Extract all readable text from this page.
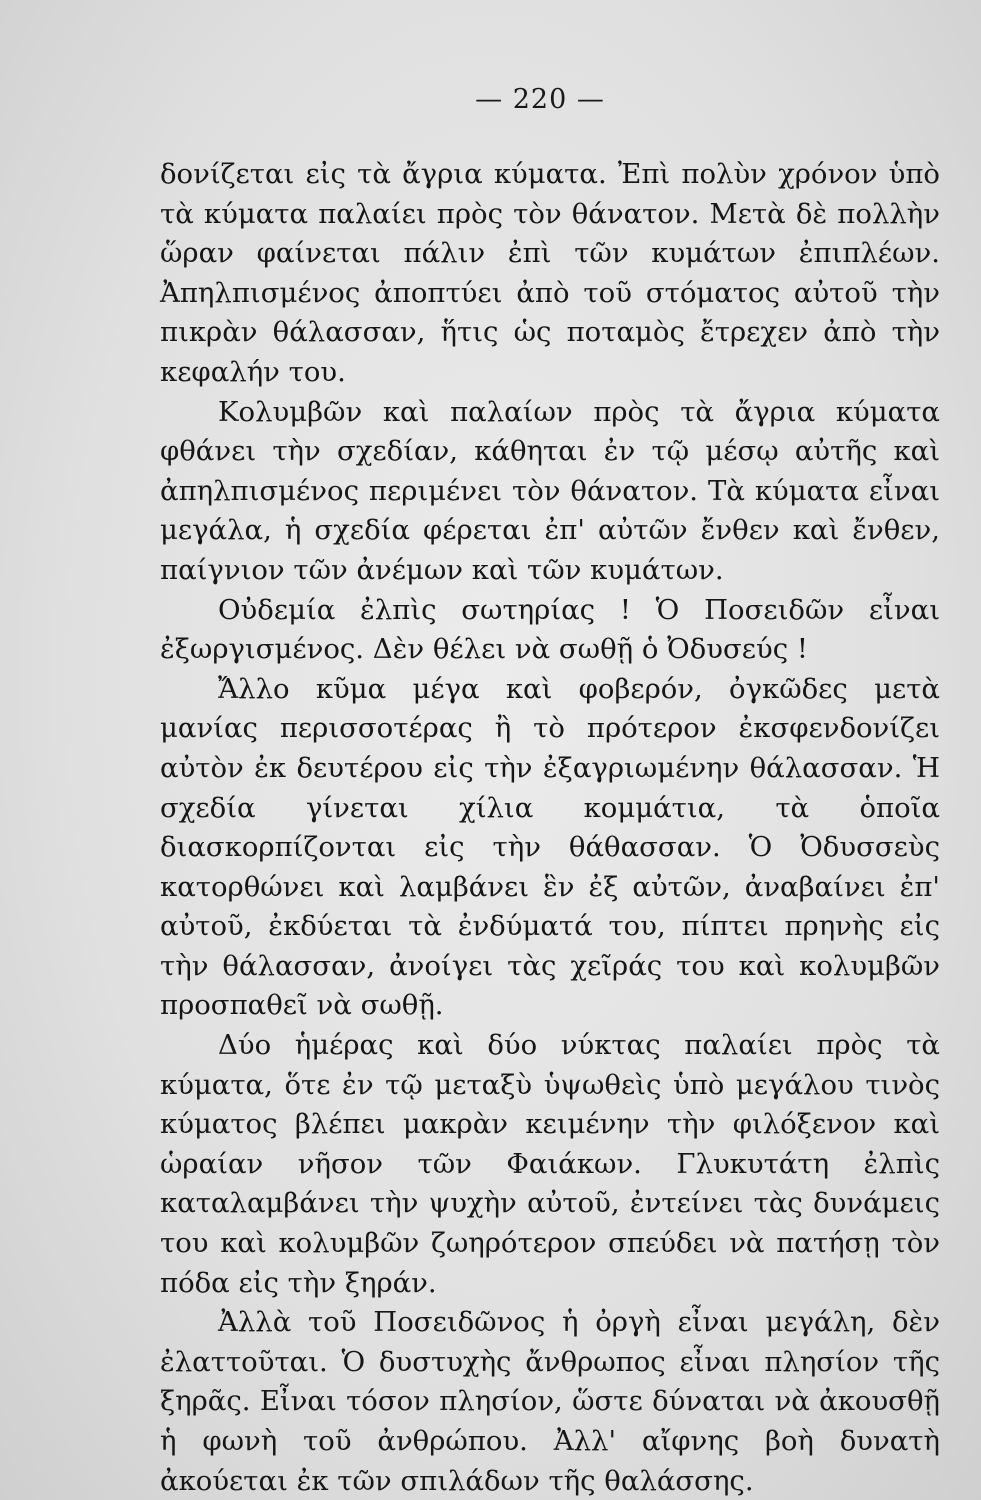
— 220 —

δονίζεται εἰς τὰ ἄγρια κύματα. Ἐπὶ πολὺν χρόνον ὑπὸ τὰ κύματα παλαίει πρὸς τὸν θάνατον. Μετὰ δὲ πολλὴν ὥραν φαίνεται πάλιν ἐπὶ τῶν κυμάτων ἐπιπλέων. Ἀπηλπισμένος ἀποπτύει ἀπὸ τοῦ στόματος αὐτοῦ τὴν πικρὰν θάλασσαν, ἥτις ὡς ποταμὸς ἔτρεχεν ἀπὸ τὴν κεφαλήν του.

Κολυμβῶν καὶ παλαίων πρὸς τὰ ἄγρια κύματα φθάνει τὴν σχεδίαν, κάθηται ἐν τῷ μέσῳ αὐτῆς καὶ ἀπηλπισμένος περιμένει τὸν θάνατον. Τὰ κύματα εἶναι μεγάλα, ἡ σχεδία φέρεται ἐπ' αὐτῶν ἔνθεν καὶ ἔνθεν, παίγνιον τῶν ἀνέμων καὶ τῶν κυμάτων.

Οὐδεμία ἐλπὶς σωτηρίας ! Ὁ Ποσειδῶν εἶναι ἐξωργισμένος. Δὲν θέλει νὰ σωθῇ ὁ Ὀδυσεύς !

Ἄλλο κῦμα μέγα καὶ φοβερόν, ὀγκῶδες μετὰ μανίας περισσοτέρας ἢ τὸ πρότερον ἐκσφενδονίζει αὐτὸν ἐκ δευτέρου εἰς τὴν ἐξαγριωμένην θάλασσαν. Ἡ σχεδία γίνεται χίλια κομμάτια, τὰ ὁποῖα διασκορπίζονται εἰς τὴν θάθασσαν. Ὁ Ὀδυσσεὺς κατορθώνει καὶ λαμβάνει ἓν ἐξ αὐτῶν, ἀναβαίνει ἐπ' αὐτοῦ, ἐκδύεται τὰ ἐνδύματά του, πίπτει πρηνὴς εἰς τὴν θάλασσαν, ἀνοίγει τὰς χεῖράς του καὶ κολυμβῶν προσπαθεῖ νὰ σωθῇ.

Δύο ἡμέρας καὶ δύο νύκτας παλαίει πρὸς τὰ κύματα, ὅτε ἐν τῷ μεταξὺ ὑψωθεὶς ὑπὸ μεγάλου τινὸς κύματος βλέπει μακρὰν κειμένην τὴν φιλόξενον καὶ ὡραίαν νῆσον τῶν Φαιάκων. Γλυκυτάτη ἐλπὶς καταλαμβάνει τὴν ψυχὴν αὐτοῦ, ἐντείνει τὰς δυνάμεις του καὶ κολυμβῶν ζωηρότερον σπεύδει νὰ πατήσῃ τὸν πόδα εἰς τὴν ξηράν.

Ἀλλὰ τοῦ Ποσειδῶνος ἡ ὀργὴ εἶναι μεγάλη, δὲν ἐλαττοῦται. Ὁ δυστυχὴς ἄνθρωπος εἶναι πλησίον τῆς ξηρᾶς. Εἶναι τόσον πλησίον, ὥστε δύναται νὰ ἀκουσθῇ ἡ φωνὴ τοῦ ἀνθρώπου. Ἀλλ' αἴφνης βοὴ δυνατὴ ἀκούεται ἐκ τῶν σπιλάδων τῆς θαλάσσης.
